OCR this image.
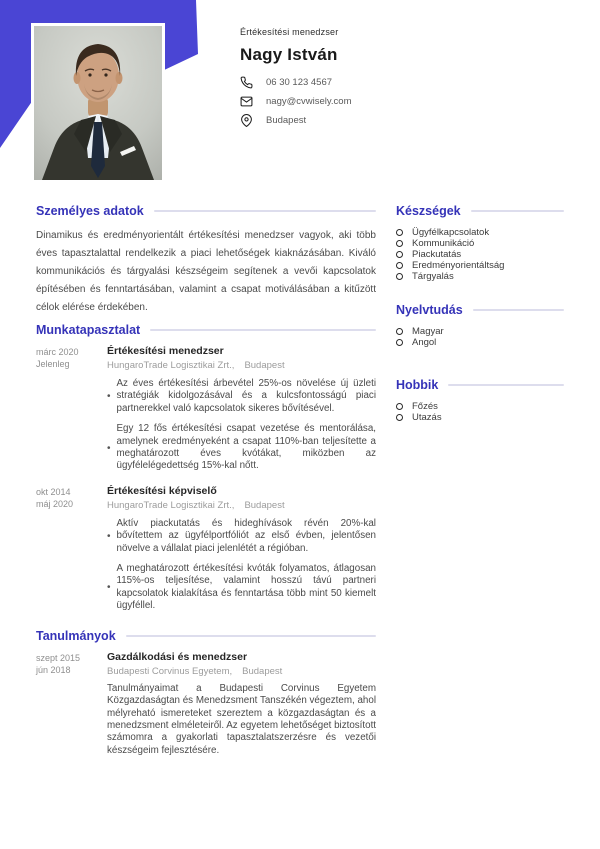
Értékesítési menedzser
Nagy István
06 30 123 4567
nagy@cvwisely.com
Budapest
Személyes adatok

Dinamikus és eredményorientált értékesítési menedzser vagyok, aki több éves tapasztalattal rendelkezik a piaci lehetőségek kiaknázásában. Kiváló kommunikációs és tárgyalási készségeim segítenek a vevői kapcsolatok építésében és fenntartásában, valamint a csapat motiválásában a kitűzött célok elérése érdekében.

Munkatapasztalat
márc 2020
Jelenleg
Értékesítési menedzser
HungaroTrade Logisztikai Zrt., Budapest

• Az éves értékesítési árbevétel 25%-os növelése új üzleti stratégiák kidolgozásával és a kulcsfontosságú piaci partnerekkel való kapcsolatok sikeres bővítésével.

• Egy 12 fős értékesítési csapat vezetése és mentorálása, amelynek eredményeként a csapat 110%-ban teljesítette a meghatározott éves kvótákat, miközben az ügyfélelégedettség 15%-kal nőtt.

okt 2014
máj 2020
Értékesítési képviselő
HungaroTrade Logisztikai Zrt., Budapest

• Aktív piackutatás és hideghívások révén 20%-kal bővítettem az ügyfélportfóliót az első évben, jelentősen növelve a vállalat piaci jelenlétét a régióban.

• A meghatározott értékesítési kvóták folyamatos, átlagosan 115%-os teljesítése, valamint hosszú távú partneri kapcsolatok kialakítása és fenntartása több mint 50 kiemelt ügyféllel.

Tanulmányok
szept 2015
jún 2018
Gazdálkodási és menedzser
Budapesti Corvinus Egyetem, Budapest

Tanulmányaimat a Budapesti Corvinus Egyetem Közgazdaságtan és Menedzsment Tanszékén végeztem, ahol mélyreható ismereteket szereztem a közgazdaságtan és a menedzsment elméleteiről. Az egyetem lehetőséget biztosított számomra a gyakorlati tapasztalatszerzésre és vezetői készségeim fejlesztésére.

Készségek
Ügyfélkapcsolatok
Kommunikáció
Piackutatás
Eredményorientáltság
Tárgyalás
Nyelvtudás
Magyar
Angol
Hobbik
Főzés
Utazás
